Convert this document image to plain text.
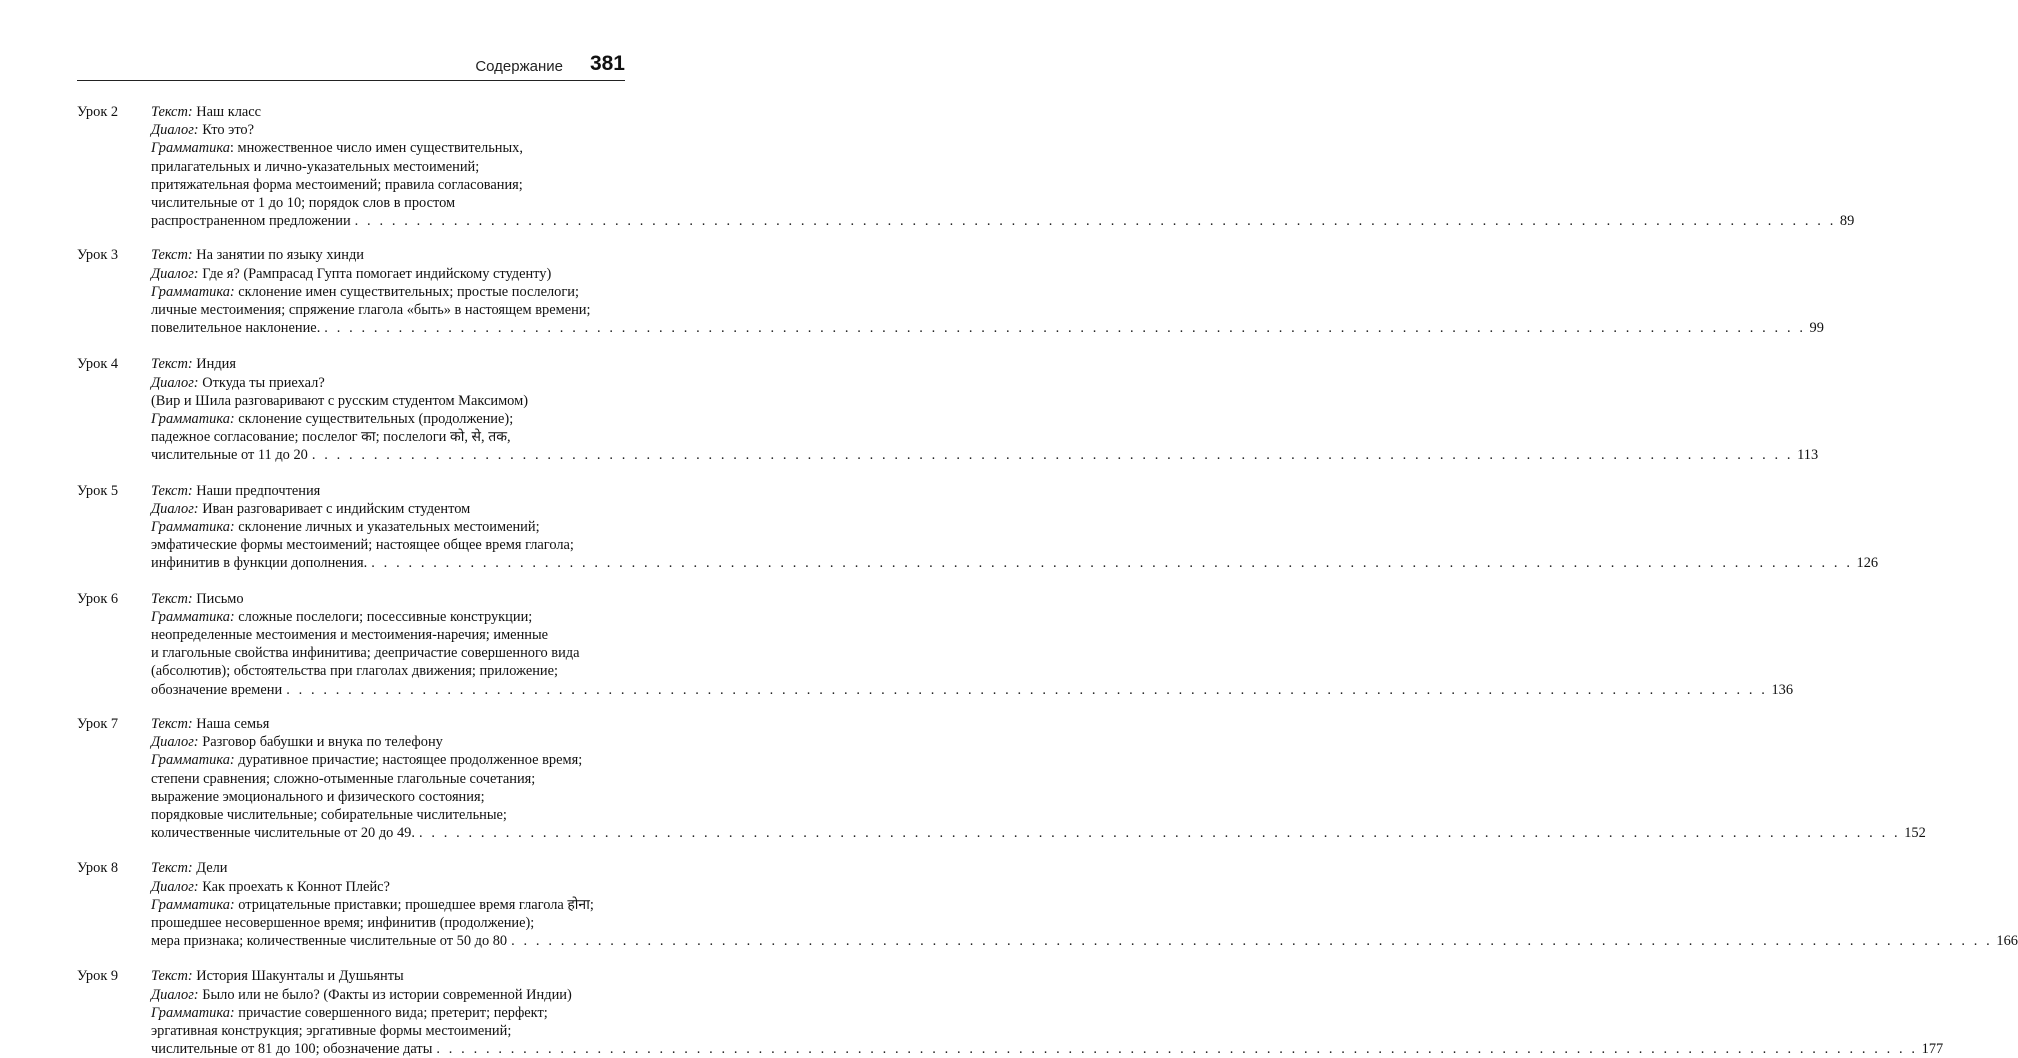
Содержание 381
Урок 2	Текст: Наш класс
Диалог: Кто это?
Грамматика: множественное число имен существительных,
прилагательных и лично-указательных местоимений;
притяжательная форма местоимений; правила согласования;
числительные от 1 до 10; порядок слов в простом
распространенном предложении . . . . . . . . . . . . . . . . . . . . . . . . . . . . . . . . . . . . . . . . . . . . . . . . . . . . . . . . . . . . . . . . . . . . . . . . . . . . . . . . . . . . . . . . . . . . . . . . . . . . . . . . . . . . . . . . . . . . . . . . 89
Урок 3	Текст: На занятии по языку хинди
Диалог: Где я? (Рампрасад Гупта помогает индийскому студенту)
Грамматика: склонение имен существительных; простые послелоги;
личные местоимения; спряжение глагола «быть» в настоящем времени;
повелительное наклонение. . . . . . . . . . . . . . . . . . . . . . . . . . . . . . . . . . . . . . . . . . . . . . . . . . . . . . . . . . . . . . . . . . . . . . . . . . . . . . . . . . . . . . . . . . . . . . . . . . . . . . . . . . . . . . . . . . . . . . . . . 99
Урок 4	Текст: Индия
Диалог: Откуда ты приехал?
(Вир и Шила разговаривают с русским студентом Максимом)
Грамматика: склонение существительных (продолжение);
падежное согласование; послелог का; послелоги को, से, तक,
числительные от 11 до 20 . . . . . . . . . . . . . . . . . . . . . . . . . . . . . . . . . . . . . . . . . . . . . . . . . . . . . . . . . . . . . . . . . . . . . . . . . . . . . . . . . . . . . . . . . . . . . . . . . . . . . . . . . . . . . . . . . . . . . . . . 113
Урок 5	Текст: Наши предпочтения
Диалог: Иван разговаривает с индийским студентом
Грамматика: склонение личных и указательных местоимений;
эмфатические формы местоимений; настоящее общее время глагола;
инфинитив в функции дополнения. . . . . . . . . . . . . . . . . . . . . . . . . . . . . . . . . . . . . . . . . . . . . . . . . . . . . . . . . . . . . . . . . . . . . . . . . . . . . . . . . . . . . . . . . . . . . . . . . . . . . . . . . . . . . . . . . . . . . . . . . 126
Урок 6	Текст: Письмо
Грамматика: сложные послелоги; посессивные конструкции;
неопределенные местоимения и местоимения-наречия; именные
и глагольные свойства инфинитива; деепричастие совершенного вида
(абсолютив); обстоятельства при глаголах движения; приложение;
обозначение времени . . . . . . . . . . . . . . . . . . . . . . . . . . . . . . . . . . . . . . . . . . . . . . . . . . . . . . . . . . . . . . . . . . . . . . . . . . . . . . . . . . . . . . . . . . . . . . . . . . . . . . . . . . . . . . . . . . . . . . . . 136
Урок 7	Текст: Наша семья
Диалог: Разговор бабушки и внука по телефону
Грамматика: дуративное причастие; настоящее продолженное время;
степени сравнения; сложно-отыменные глагольные сочетания;
выражение эмоционального и физического состояния;
порядковые числительные; собирательные числительные;
количественные числительные от 20 до 49. . . . . . . . . . . . . . . . . . . . . . . . . . . . . . . . . . . . . . . . . . . . . . . . . . . . . . . . . . . . . . . . . . . . . . . . . . . . . . . . . . . . . . . . . . . . . . . . . . . . . . . . . . . . . . . . . . . . . . . . . 152
Урок 8	Текст: Дели
Диалог: Как проехать к Коннот Плейс?
Грамматика: отрицательные приставки; прошедшее время глагола होना;
прошедшее несовершенное время; инфинитив (продолжение);
мера признака; количественные числительные от 50 до 80 . . . . . . . . . . . . . . . . . . . . . . . . . . . . . . . . . . . . . . . . . . . . . . . . . . . . . . . . . . . . . . . . . . . . . . . . . . . . . . . . . . . . . . . . . . . . . . . . . . . . . . . . . . . . . . . . . . . . . . . . 166
Урок 9	Текст: История Шакунталы и Душьянты
Диалог: Было или не было? (Факты из истории современной Индии)
Грамматика: причастие совершенного вида; претерит; перфект;
эргативная конструкция; эргативные формы местоимений;
числительные от 81 до 100; обозначение даты . . . . . . . . . . . . . . . . . . . . . . . . . . . . . . . . . . . . . . . . . . . . . . . . . . . . . . . . . . . . . . . . . . . . . . . . . . . . . . . . . . . . . . . . . . . . . . . . . . . . . . . . . . . . . . . . . . . . . . . . 177
